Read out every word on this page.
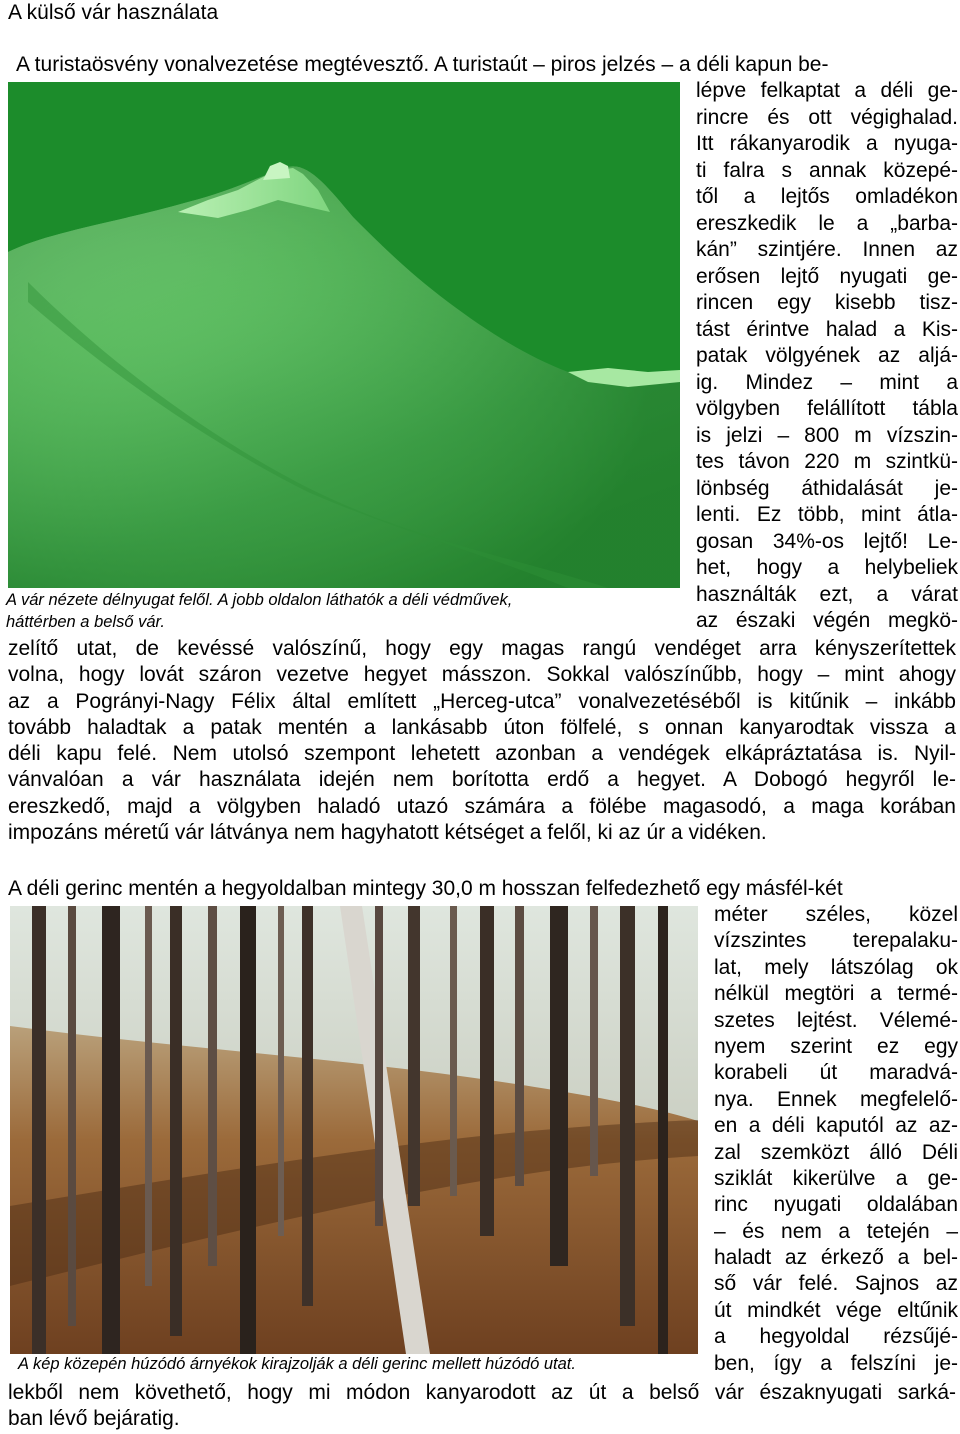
A külső vár használata
A turistaösvény vonalvezetése megtévesztő. A turistaút – piros jelzés – a déli kapun be-
lépve felkaptat a déli ge-
rincre és ott végighalad.
Itt rákanyarodik a nyuga-
ti falra s annak közepé-
től a lejtős omladékon
ereszkedik le a „barba-
kán” szintjére. Innen az
erősen lejtő nyugati ge-
rincen egy kisebb tisz-
tást érintve halad a Kis-
patak völgyének az aljá-
ig. Mindez – mint a
völgyben felállított tábla
is jelzi – 800 m vízszin-
tes távon 220 m szintkü-
lönbség áthidalását je-
lenti. Ez több, mint átla-
gosan 34%-os lejtő! Le-
het, hogy a helybeliek
használták ezt, a várat
az északi végén megkö-
A vár nézete délnyugat felől. A jobb oldalon láthatók a déli védművek,
háttérben a belső vár.
zelítő utat, de kevéssé valószínű, hogy egy magas rangú vendéget arra kényszerítettek
volna, hogy lovát száron vezetve hegyet másszon. Sokkal valószínűbb, hogy – mint ahogy
az a Pogrányi-Nagy Félix által említett „Herceg-utca” vonalvezetéséből is kitűnik – inkább
tovább haladtak a patak mentén a lankásabb úton fölfelé, s onnan kanyarodtak vissza a
déli kapu felé. Nem utolsó szempont lehetett azonban a vendégek elkápráztatása is. Nyil-
vánvalóan a vár használata idején nem borította erdő a hegyet. A Dobogó hegyről le-
ereszkedő, majd a völgyben haladó utazó számára a fölébe magasodó, a maga korában
impozáns méretű vár látványa nem hagyhatott kétséget a felől, ki az úr a vidéken.
A déli gerinc mentén a hegyoldalban mintegy 30,0 m hosszan felfedezhető egy másfél-két
méter széles, közel
vízszintes terepalaku-
lat, mely látszólag ok
nélkül megtöri a termé-
szetes lejtést. Vélemé-
nyem szerint ez egy
korabeli út maradvá-
nya. Ennek megfelelő-
en a déli kaputól az az-
zal szemközt álló Déli
sziklát kikerülve a ge-
rinc nyugati oldalában
– és nem a tetején –
haladt az érkező a bel-
ső vár felé. Sajnos az
út mindkét vége eltűnik
a hegyoldal rézsűjé-
ben, így a felszíni je-
A kép közepén húzódó árnyékok kirajzolják a déli gerinc mellett húzódó utat.
lekből nem követhető, hogy mi módon kanyarodott az út a belső vár északnyugati sarká-
ban lévő bejáratig.
